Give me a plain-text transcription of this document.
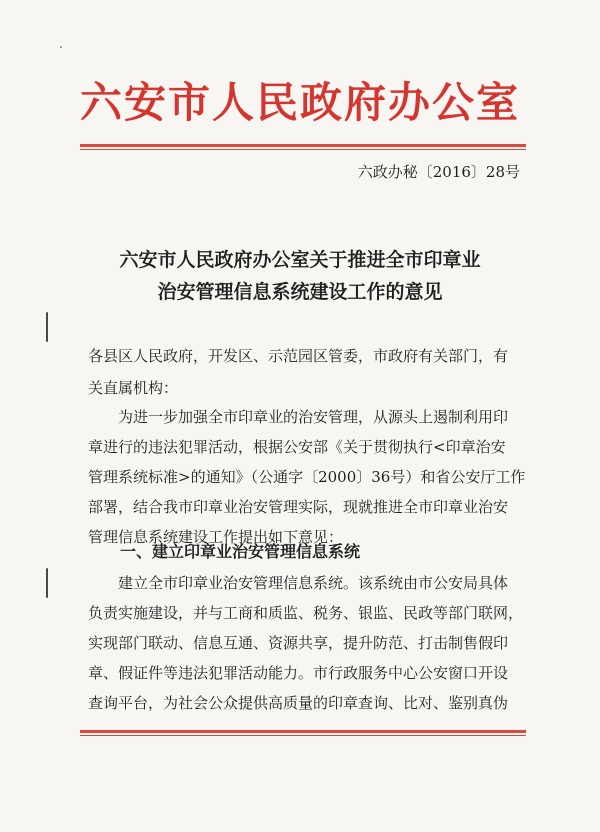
六安市人民政府办公室
六政办秘〔2016〕28号
六安市人民政府办公室关于推进全市印章业
治安管理信息系统建设工作的意见
各县区人民政府，开发区、示范园区管委，市政府有关部门，有
关直属机构：
为进一步加强全市印章业的治安管理，从源头上遏制利用印
章进行的违法犯罪活动，根据公安部《关于贯彻执行<印章治安
管理系统标准>的通知》（公通字〔2000〕36号）和省公安厅工作
部署，结合我市印章业治安管理实际，现就推进全市印章业治安
管理信息系统建设工作提出如下意见：
一、建立印章业治安管理信息系统
建立全市印章业治安管理信息系统。该系统由市公安局具体
负责实施建设，并与工商和质监、税务、银监、民政等部门联网，
实现部门联动、信息互通、资源共享，提升防范、打击制售假印
章、假证件等违法犯罪活动能力。市行政服务中心公安窗口开设
查询平台，为社会公众提供高质量的印章查询、比对、鉴别真伪
